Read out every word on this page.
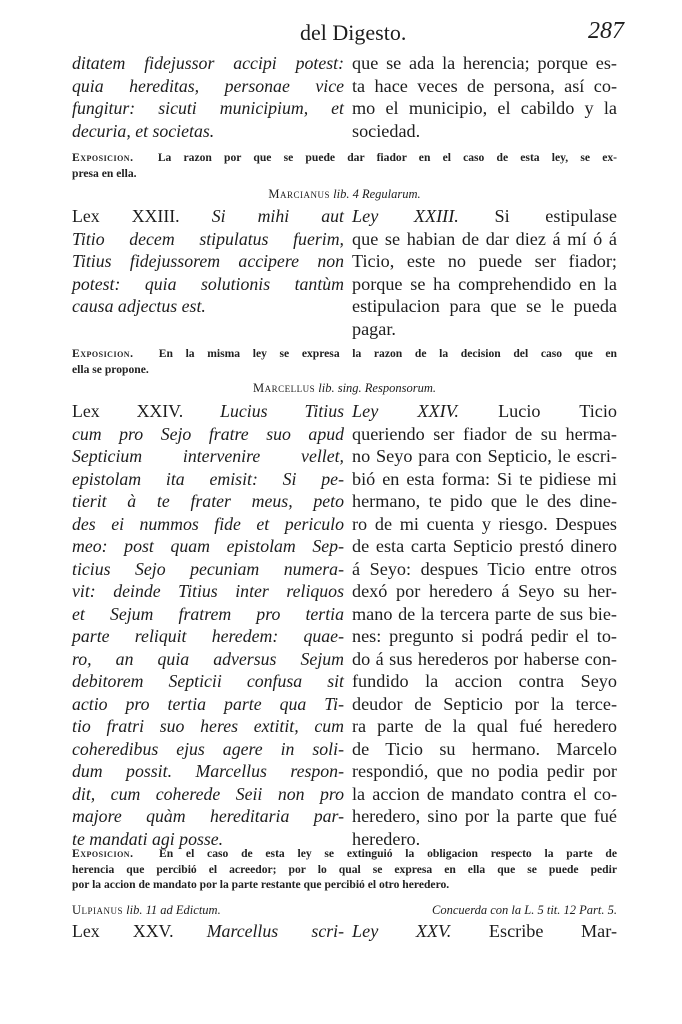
del Digesto.	287
ditatem fidejussor accipi potest:
quia hereditas, personae vice
fungitur: sicuti municipium, et
decuria, et societas.
que se ada la herencia; porque es-
ta hace veces de persona, así co-
mo el municipio, el cabildo y la
sociedad.
Exposicion. La razon por que se puede dar fiador en el caso de esta ley, se ex-
presa en ella.
Marcianus lib. 4 Regularum.
Lex XXIII. Si mihi aut
Titio decem stipulatus fuerim,
Titius fidejussorem accipere non
potest: quia solutionis tantùm
causa adjectus est.
Ley XXIII. Si estipulase
que se habian de dar diez á mí ó á
Ticio, este no puede ser fiador;
porque se ha comprehendido en la
estipulacion para que se le pueda
pagar.
Exposicion. En la misma ley se expresa la razon de la decision del caso que en
ella se propone.
Marcellus lib. sing. Responsorum.
Lex XXIV. Lucius Titius
cum pro Sejo fratre suo apud
Septicium intervenire vellet,
epistolam ita emisit: Si pe-
tierit à te frater meus, peto
des ei nummos fide et periculo
meo: post quam epistolam Sep-
ticius Sejo pecuniam numera-
vit: deinde Titius inter reliquos
et Sejum fratrem pro tertia
parte reliquit heredem: quae-
ro, an quia adversus Sejum
debitorem Septicii confusa sit
actio pro tertia parte qua Ti-
tio fratri suo heres extitit, cum
coheredibus ejus agere in soli-
dum possit. Marcellus respon-
dit, cum coherede Seii non pro
majore quàm hereditaria par-
te mandati agi posse.
Ley XXIV. Lucio Ticio
queriendo ser fiador de su herma-
no Seyo para con Septicio, le escri-
bió en esta forma: Si te pidiese mi
hermano, te pido que le des dine-
ro de mi cuenta y riesgo. Despues
de esta carta Septicio prestó dinero
á Seyo: despues Ticio entre otros
dexó por heredero á Seyo su her-
mano de la tercera parte de sus bie-
nes: pregunto si podrá pedir el to-
do á sus herederos por haberse con-
fundido la accion contra Seyo
deudor de Septicio por la terce-
ra parte de la qual fué heredero
de Ticio su hermano. Marcelo
respondió, que no podia pedir por
la accion de mandato contra el co-
heredero, sino por la parte que fué
heredero.
Exposicion. En el caso de esta ley se extinguió la obligacion respecto la parte de
herencia que percibió el acreedor; por lo qual se expresa en ella que se puede pedir
por la accion de mandato por la parte restante que percibió el otro heredero.
Ulpianus lib. 11 ad Edictum.	Concuerda con la L. 5 tit. 12 Part. 5.
Lex XXV. Marcellus scri- Ley XXV. Escribe Mar-
